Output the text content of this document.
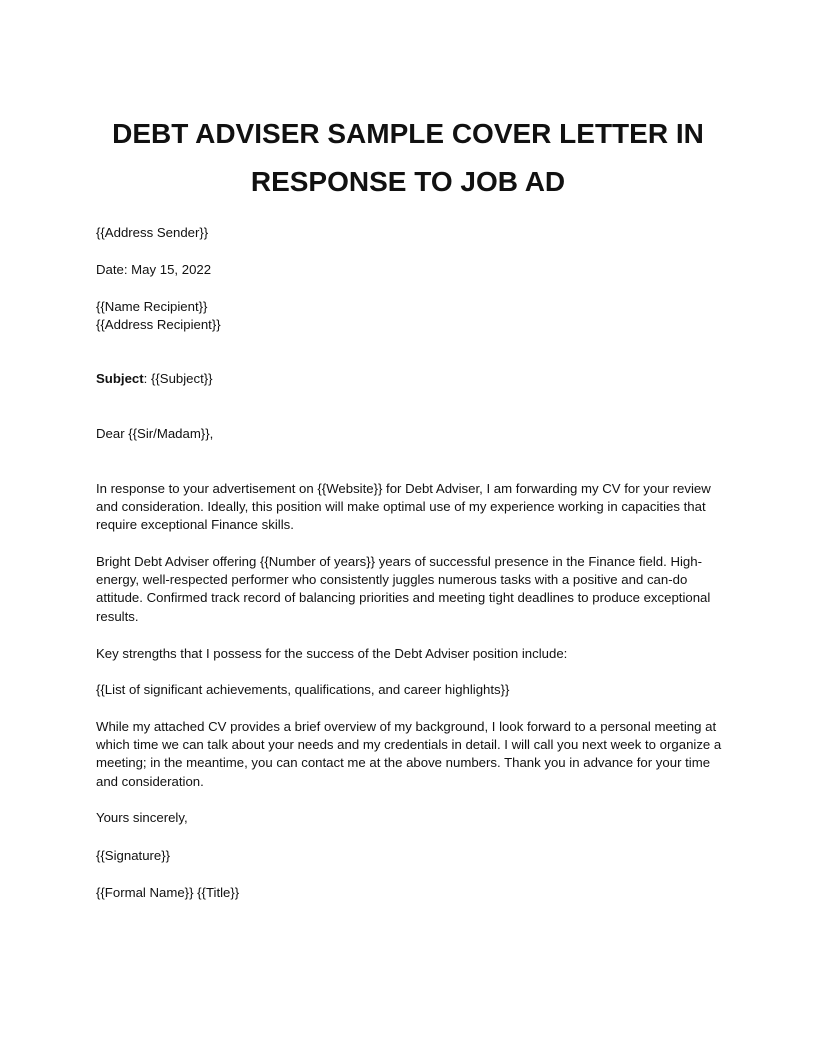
DEBT ADVISER SAMPLE COVER LETTER IN RESPONSE TO JOB AD

{{Address Sender}}

Date: May 15, 2022

{{Name Recipient}}

{{Address Recipient}}

Subject: {{Subject}}

Dear {{Sir/Madam}},

In response to your advertisement on {{Website}} for Debt Adviser, I am forwarding my CV for your review and consideration. Ideally, this position will make optimal use of my experience working in capacities that require exceptional Finance skills.

Bright Debt Adviser offering {{Number of years}} years of successful presence in the Finance field. High-energy, well-respected performer who consistently juggles numerous tasks with a positive and can-do attitude. Confirmed track record of balancing priorities and meeting tight deadlines to produce exceptional results.

Key strengths that I possess for the success of the Debt Adviser position include:

{{List of significant achievements, qualifications, and career highlights}}

While my attached CV provides a brief overview of my background, I look forward to a personal meeting at which time we can talk about your needs and my credentials in detail. I will call you next week to organize a meeting; in the meantime, you can contact me at the above numbers. Thank you in advance for your time and consideration.

Yours sincerely,

{{Signature}}

{{Formal Name}} {{Title}}
